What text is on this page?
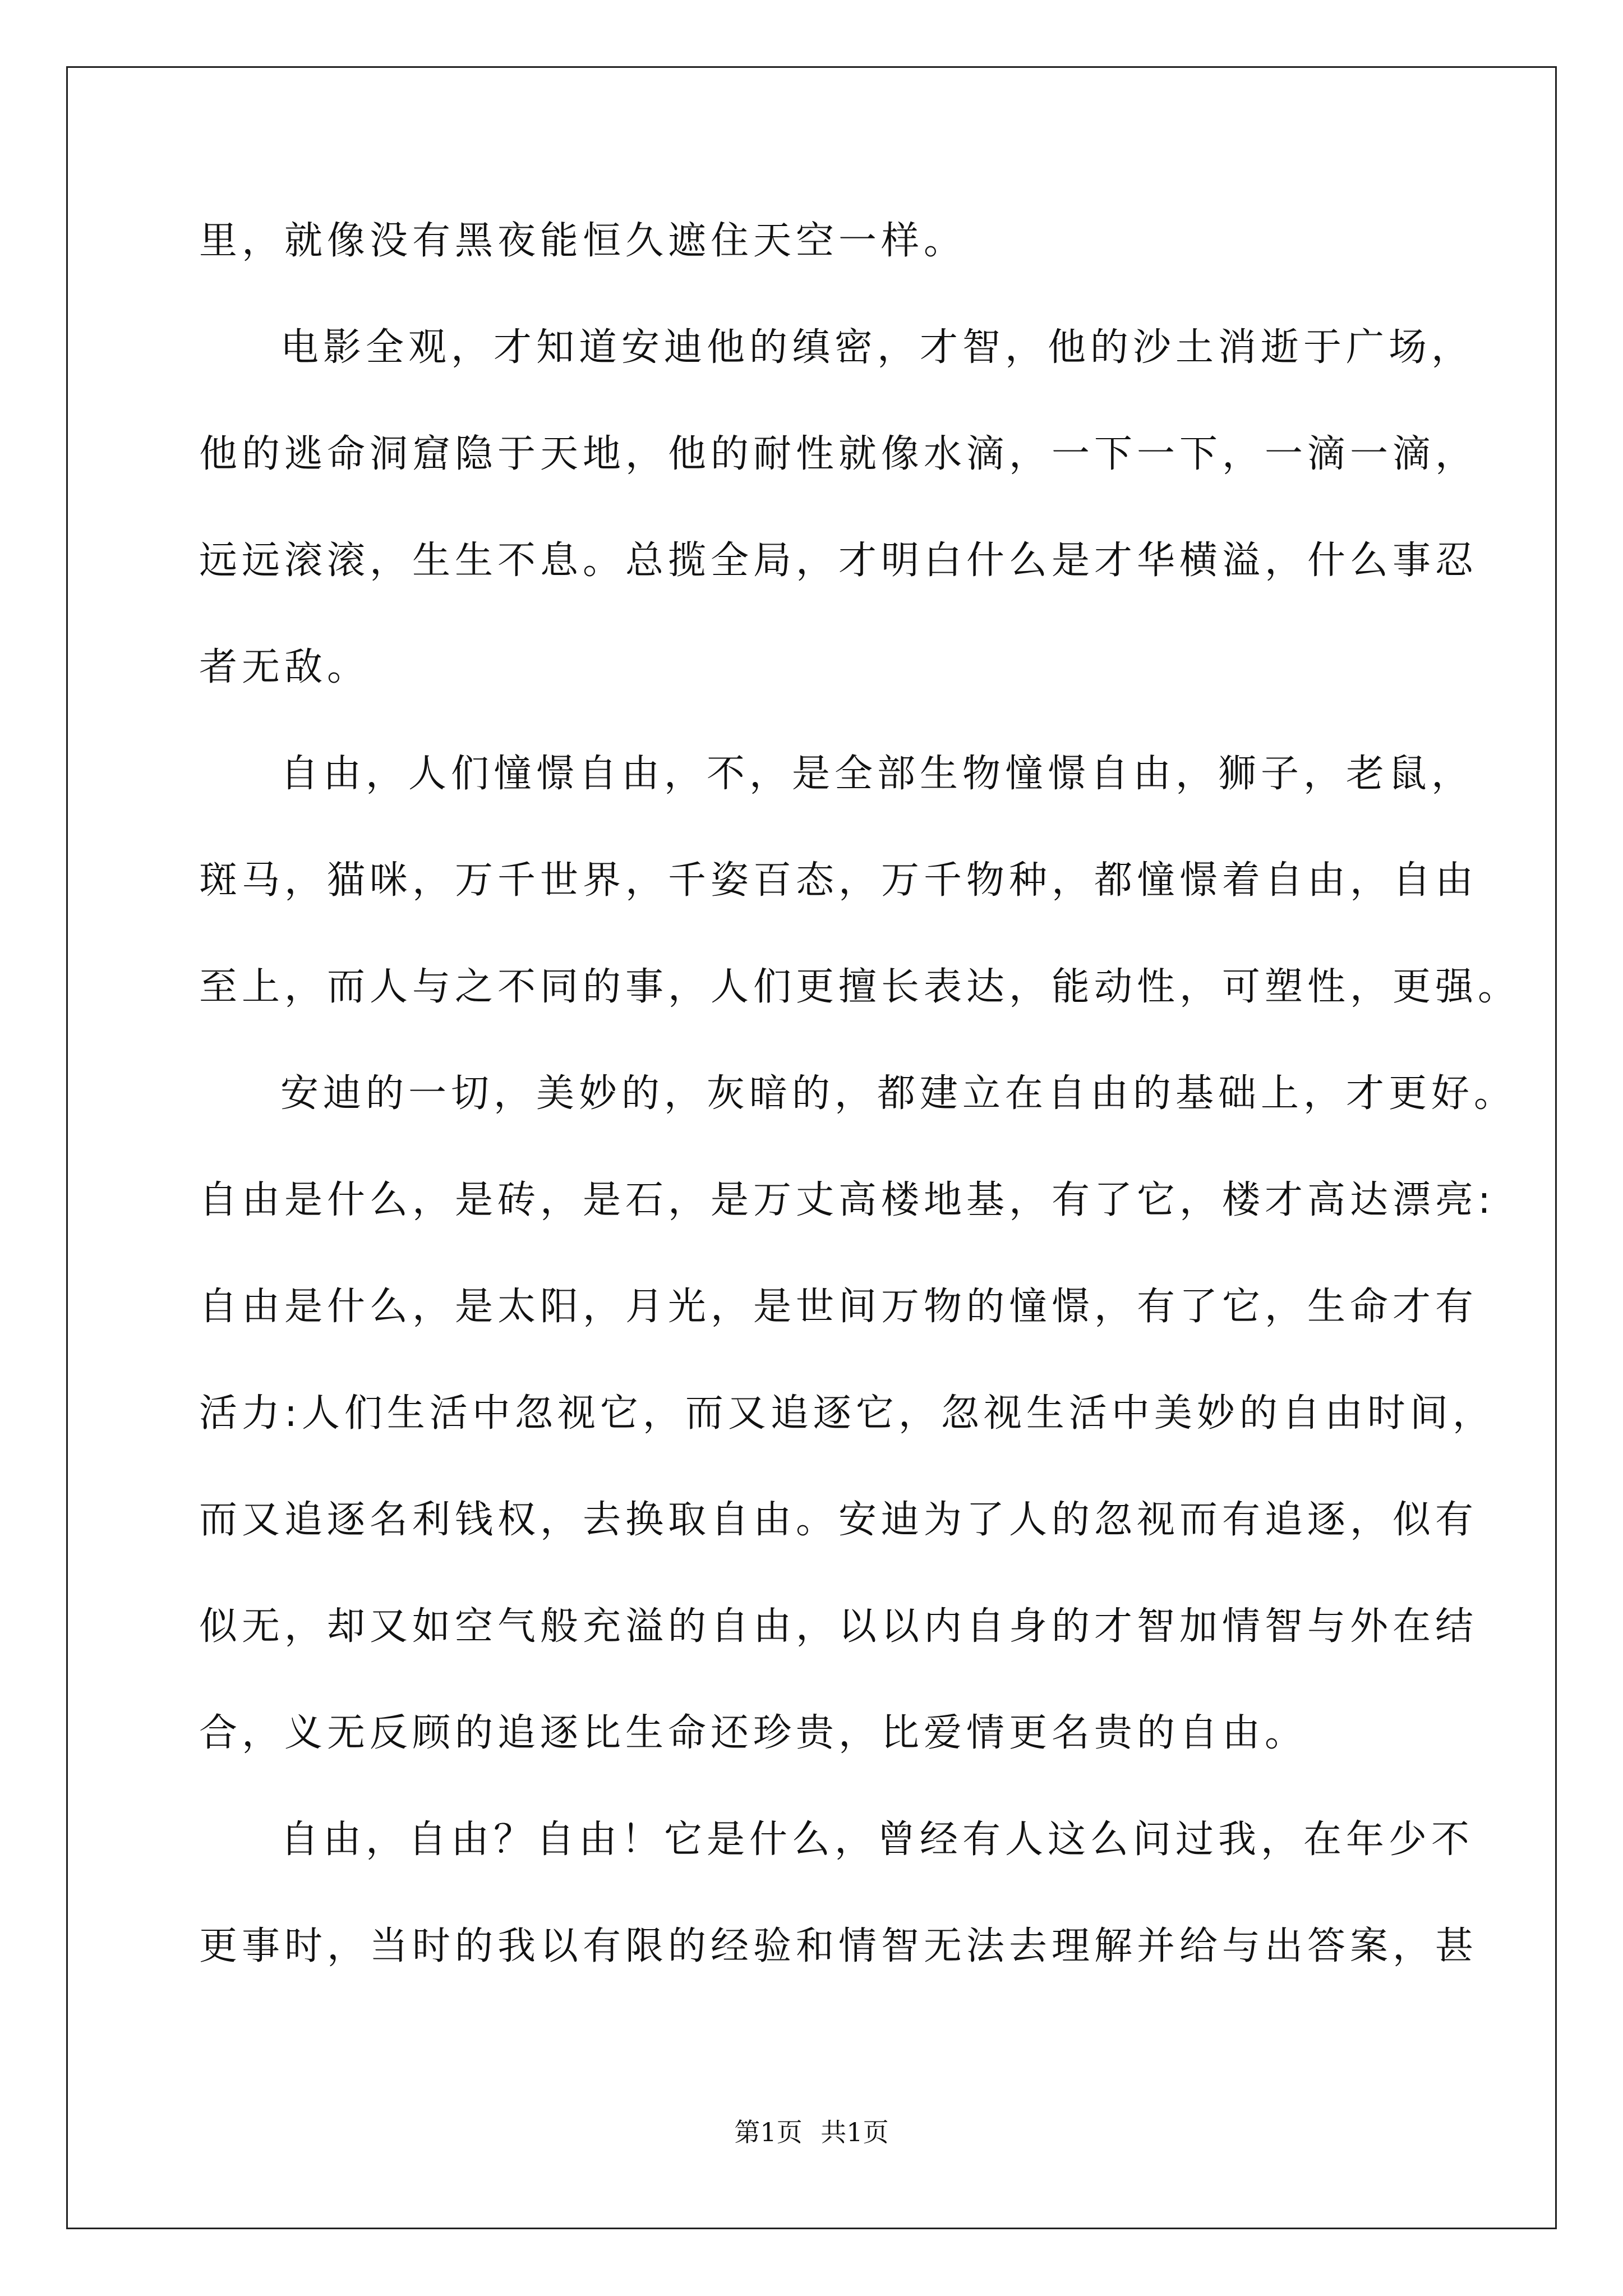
里，就像没有黑夜能恒久遮住天空一样。
电影全观，才知道安迪他的缜密，才智，他的沙土消逝于广场，
他的逃命洞窟隐于天地，他的耐性就像水滴，一下一下，一滴一滴，
远远滚滚，生生不息。总揽全局，才明白什么是才华横溢，什么事忍
者无敌。
自由，人们憧憬自由，不，是全部生物憧憬自由，狮子，老鼠，
斑马，猫咪，万千世界，千姿百态，万千物种，都憧憬着自由，自由
至上，而人与之不同的事，人们更擅长表达，能动性，可塑性，更强。
安迪的一切，美妙的，灰暗的，都建立在自由的基础上，才更好。
自由是什么，是砖，是石，是万丈高楼地基，有了它，楼才高达漂亮:
自由是什么，是太阳，月光，是世间万物的憧憬，有了它，生命才有
活力:人们生活中忽视它，而又追逐它，忽视生活中美妙的自由时间，
而又追逐名利钱权，去换取自由。安迪为了人的忽视而有追逐，似有
似无，却又如空气般充溢的自由，以以内自身的才智加情智与外在结
合，义无反顾的追逐比生命还珍贵，比爱情更名贵的自由。
自由，自由？自由！它是什么，曾经有人这么问过我，在年少不
更事时，当时的我以有限的经验和情智无法去理解并给与出答案，甚
第1页 共1页
